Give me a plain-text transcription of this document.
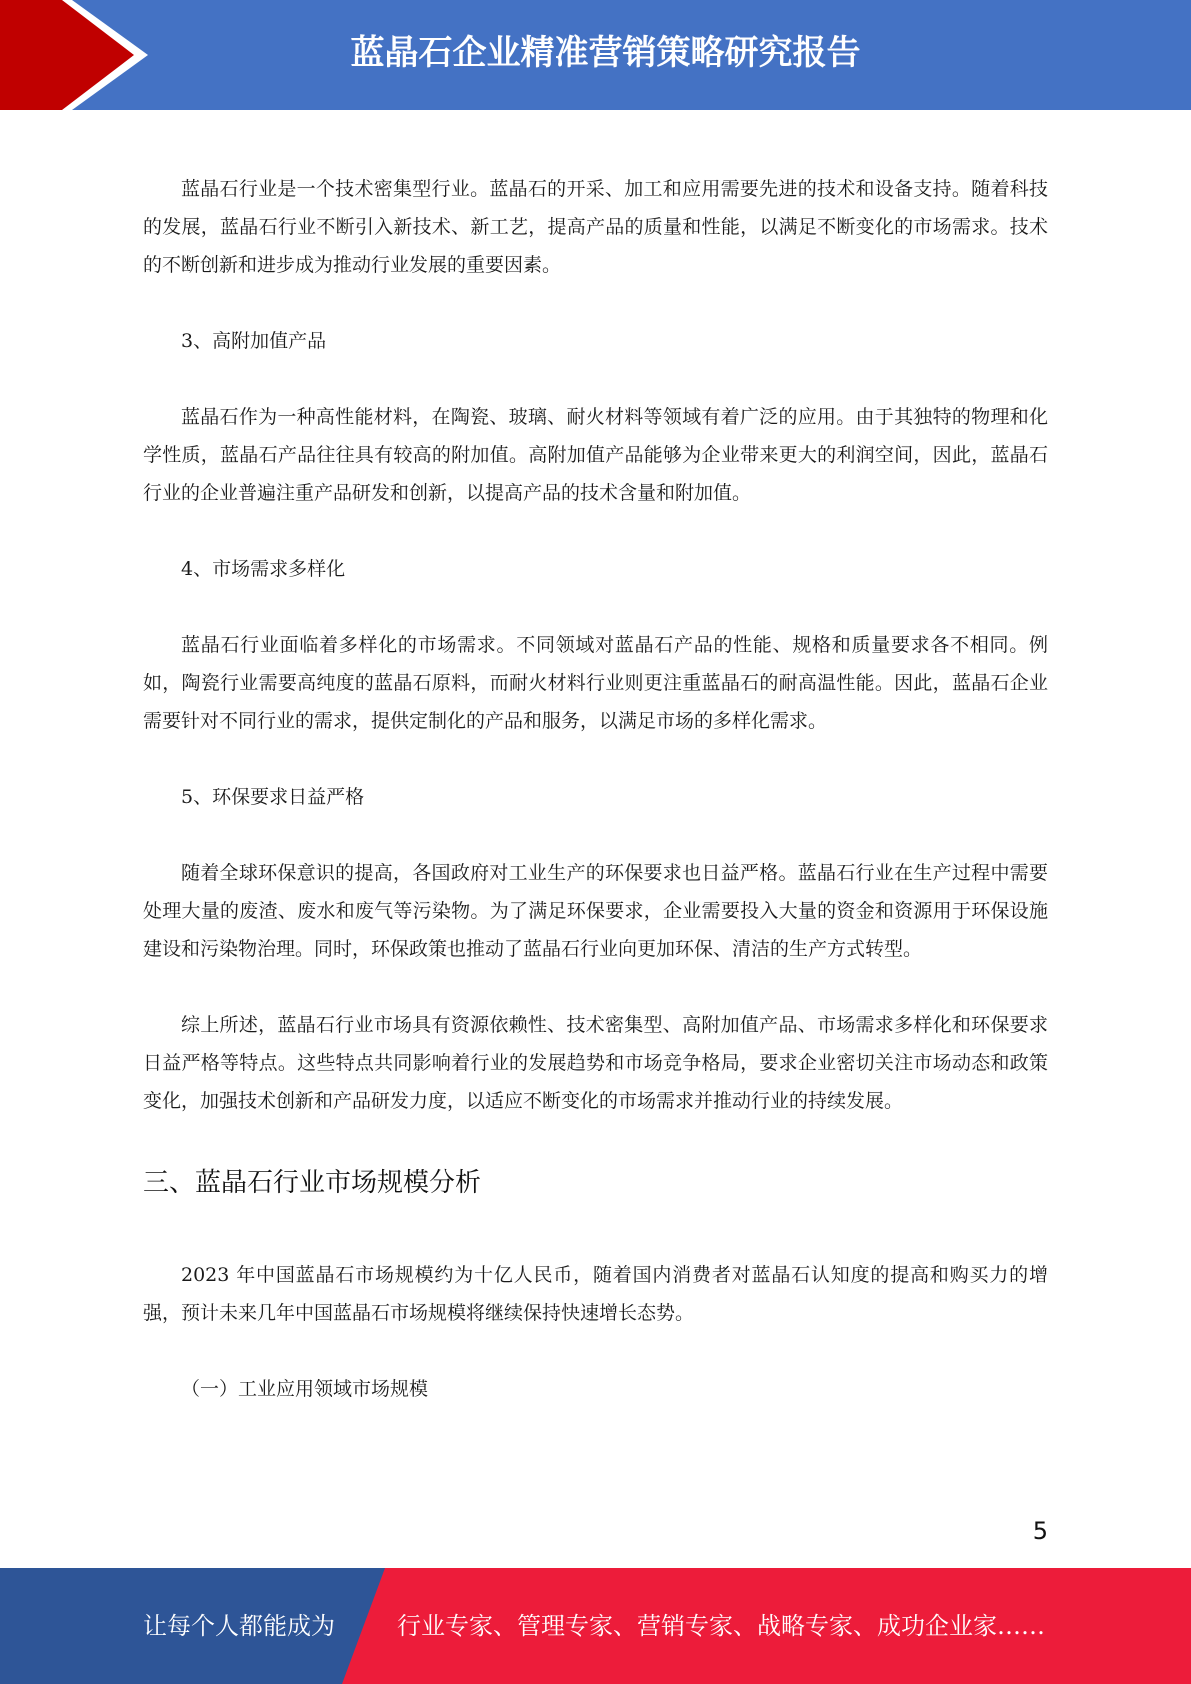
蓝晶石企业精准营销策略研究报告

蓝晶石行业是一个技术密集型行业。蓝晶石的开采、加工和应用需要先进的技术和设备支持。随着科技的发展，蓝晶石行业不断引入新技术、新工艺，提高产品的质量和性能，以满足不断变化的市场需求。技术的不断创新和进步成为推动行业发展的重要因素。

3、高附加值产品

蓝晶石作为一种高性能材料，在陶瓷、玻璃、耐火材料等领域有着广泛的应用。由于其独特的物理和化学性质，蓝晶石产品往往具有较高的附加值。高附加值产品能够为企业带来更大的利润空间，因此，蓝晶石行业的企业普遍注重产品研发和创新，以提高产品的技术含量和附加值。

4、市场需求多样化

蓝晶石行业面临着多样化的市场需求。不同领域对蓝晶石产品的性能、规格和质量要求各不相同。例如，陶瓷行业需要高纯度的蓝晶石原料，而耐火材料行业则更注重蓝晶石的耐高温性能。因此，蓝晶石企业需要针对不同行业的需求，提供定制化的产品和服务，以满足市场的多样化需求。

5、环保要求日益严格

随着全球环保意识的提高，各国政府对工业生产的环保要求也日益严格。蓝晶石行业在生产过程中需要处理大量的废渣、废水和废气等污染物。为了满足环保要求，企业需要投入大量的资金和资源用于环保设施建设和污染物治理。同时，环保政策也推动了蓝晶石行业向更加环保、清洁的生产方式转型。

综上所述，蓝晶石行业市场具有资源依赖性、技术密集型、高附加值产品、市场需求多样化和环保要求日益严格等特点。这些特点共同影响着行业的发展趋势和市场竞争格局，要求企业密切关注市场动态和政策变化，加强技术创新和产品研发力度，以适应不断变化的市场需求并推动行业的持续发展。

三、蓝晶石行业市场规模分析

2023 年中国蓝晶石市场规模约为十亿人民币，随着国内消费者对蓝晶石认知度的提高和购买力的增强，预计未来几年中国蓝晶石市场规模将继续保持快速增长态势。

（一）工业应用领域市场规模

5
让每个人都能成为	行业专家、管理专家、营销专家、战略专家、成功企业家……
